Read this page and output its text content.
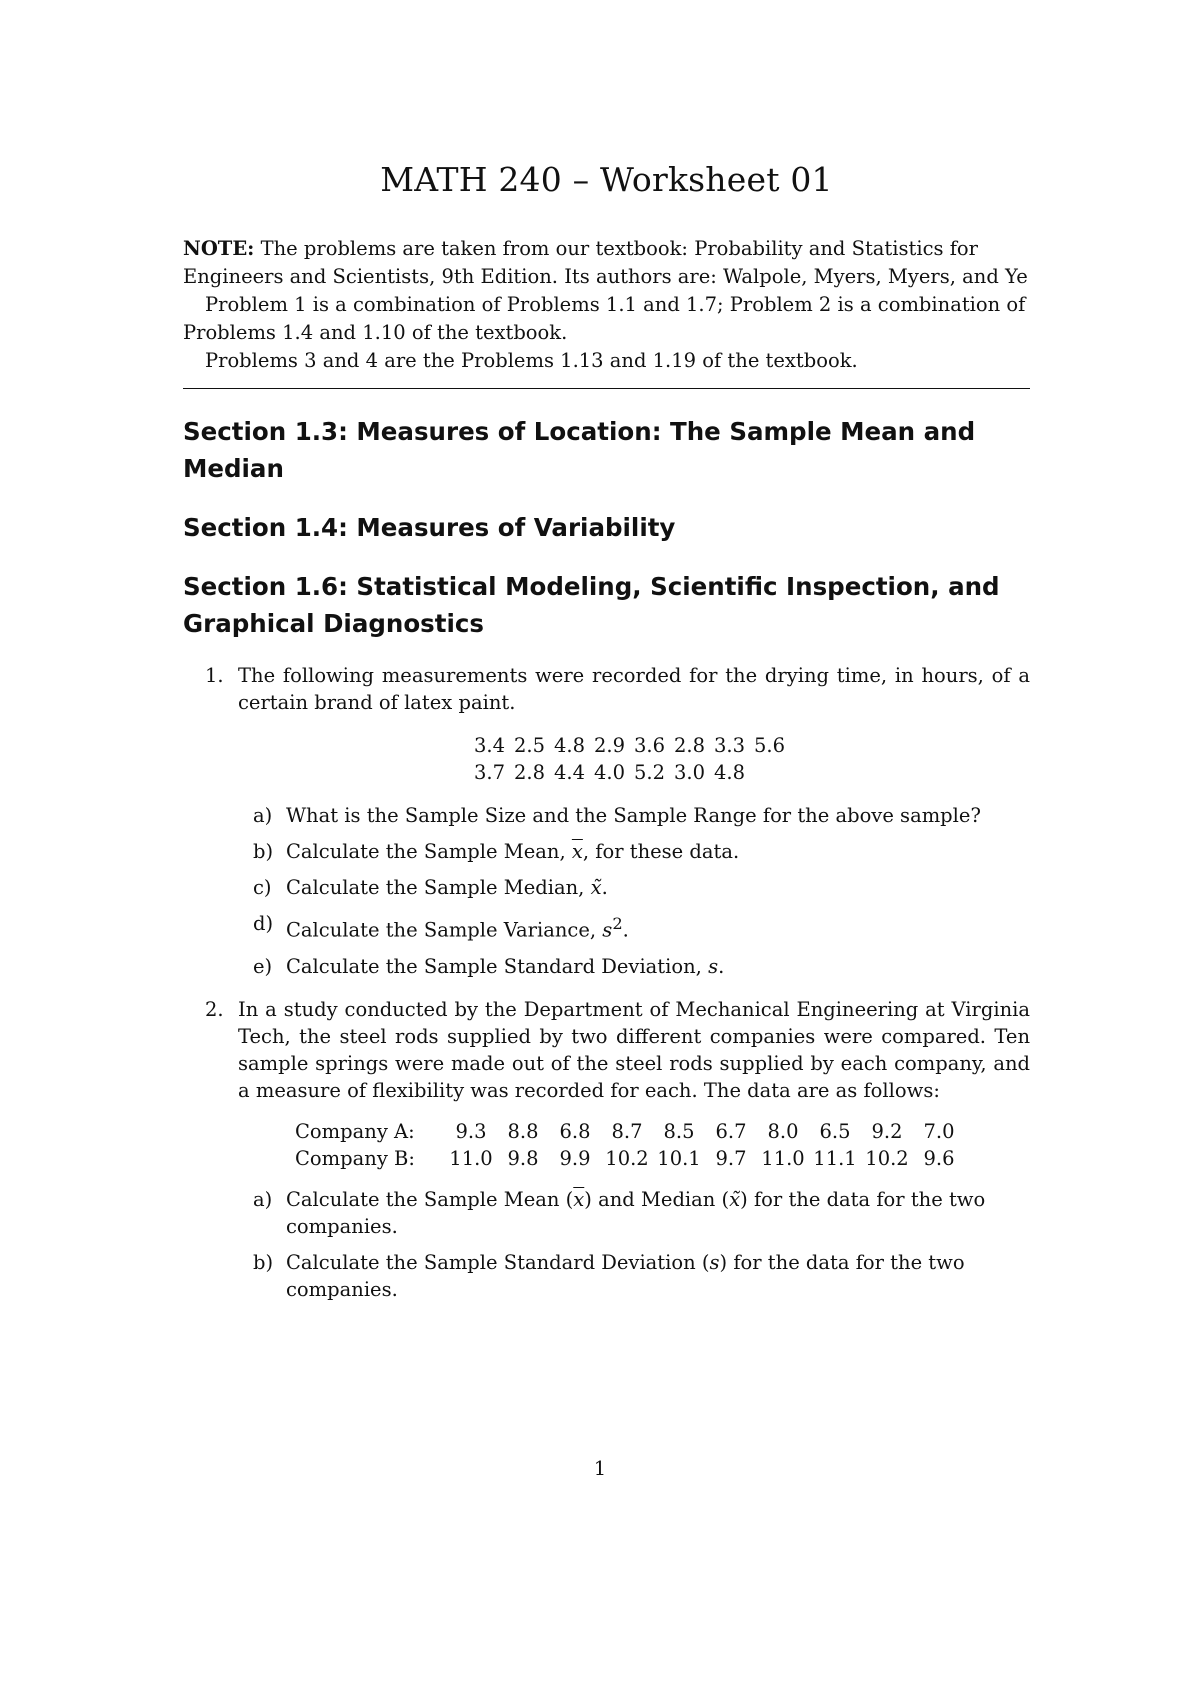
MATH 240 – Worksheet 01

NOTE: The problems are taken from our textbook: Probability and Statistics for Engineers and Scientists, 9th Edition. Its authors are: Walpole, Myers, Myers, and Ye

Problem 1 is a combination of Problems 1.1 and 1.7; Problem 2 is a combination of Problems 1.4 and 1.10 of the textbook.

Problems 3 and 4 are the Problems 1.13 and 1.19 of the textbook.

Section 1.3: Measures of Location: The Sample Mean and Median
Section 1.4: Measures of Variability
Section 1.6: Statistical Modeling, Scientific Inspection, and Graphical Diagnostics
1. The following measurements were recorded for the drying time, in hours, of a certain brand of latex paint.
3.4 2.5 4.8 2.9 3.6 2.8 3.3 5.6
3.7 2.8 4.4 4.0 5.2 3.0 4.8
a) What is the Sample Size and the Sample Range for the above sample?
b) Calculate the Sample Mean, $\overline{x}$, for these data.
c) Calculate the Sample Median, x̃.
d) Calculate the Sample Variance, $s^2$.
e) Calculate the Sample Standard Deviation, s.
2. In a study conducted by the Department of Mechanical Engineering at Virginia Tech, the steel rods supplied by two different companies were compared. Ten sample springs were made out of the steel rods supplied by each company, and a measure of flexibility was recorded for each. The data are as follows:
Company A:	9.3	8.8	6.8	8.7	8.5	6.7	8.0	6.5	9.2	7.0
Company B:	11.0	9.8	9.9	10.2	10.1	9.7	11.0	11.1	10.2	9.6
a) Calculate the Sample Mean $(\overline{x})$ and Median (x̃) for the data for the two companies.
b) Calculate the Sample Standard Deviation (s) for the data for the two companies.
1
